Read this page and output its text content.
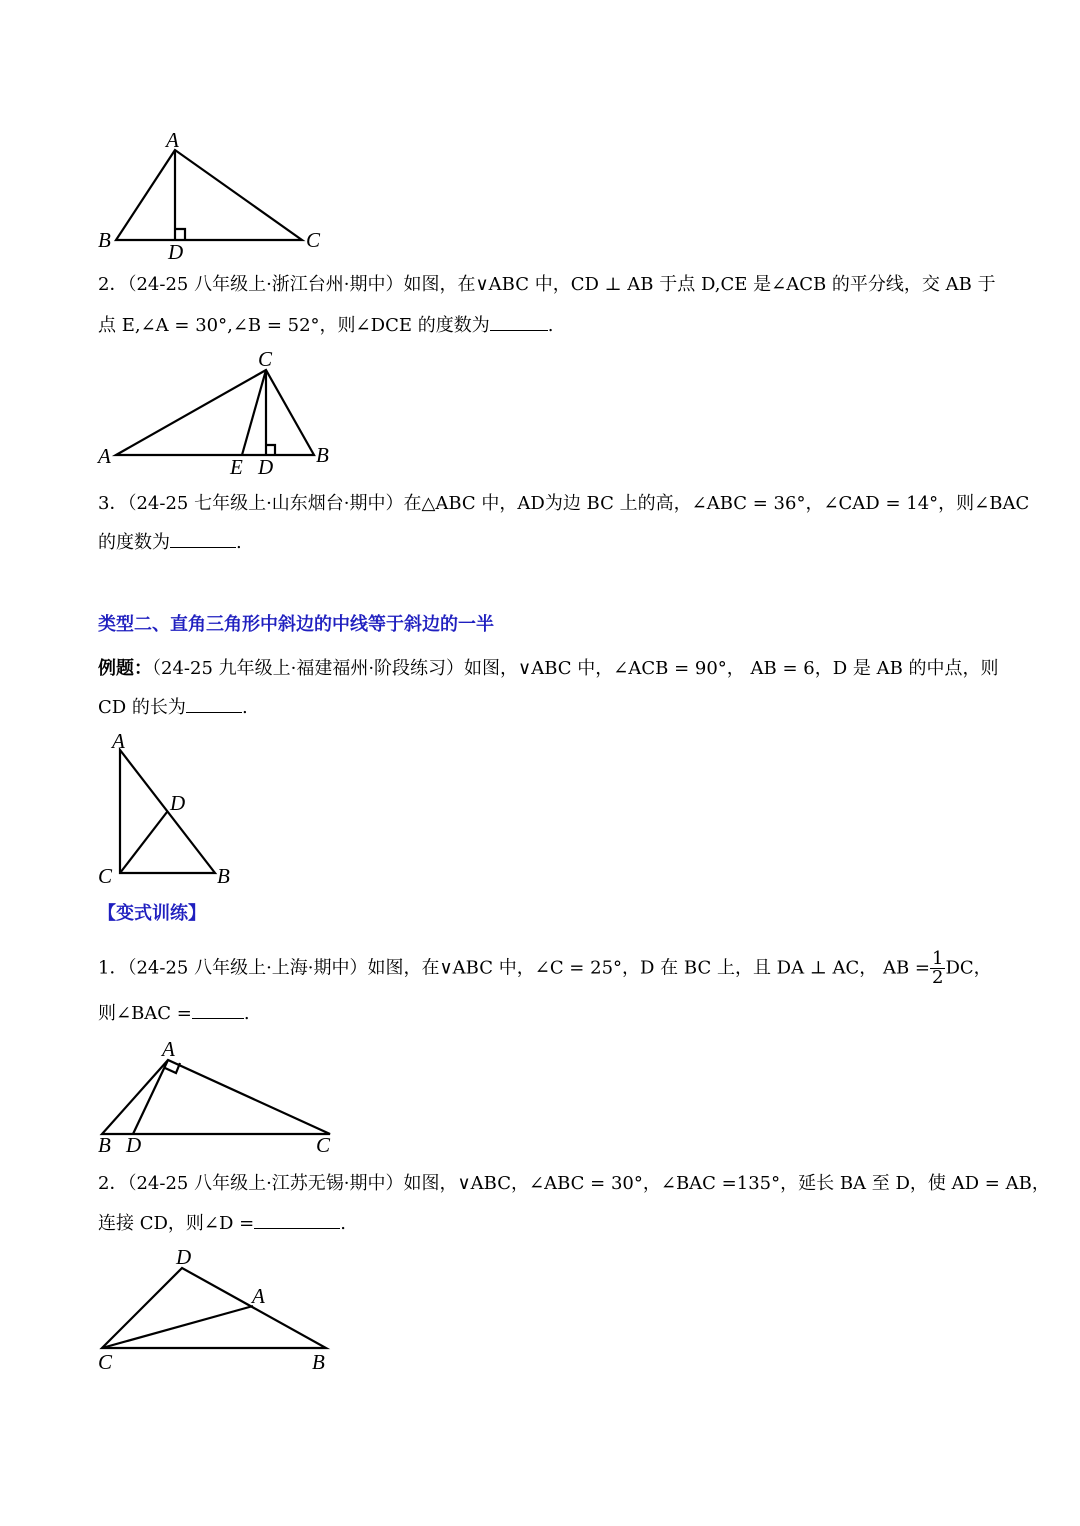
A
B	C
D
2．（24-25 八年级上·浙江台州·期中）如图，在∨ABC 中，CD ⊥ AB 于点 D,CE 是∠ACB 的平分线，交 AB 于
点 E,∠A = 30°,∠B = 52°，则∠DCE 的度数为	.
C
A	E D B
3．（24-25 七年级上·山东烟台·期中）在△ABC 中，AD为边 BC 上的高，∠ABC = 36°，∠CAD = 14°，则∠BAC
的度数为	.
类型二、直角三角形中斜边的中线等于斜边的一半
例题：（24-25 九年级上·福建福州·阶段练习）如图，∨ABC 中，∠ACB = 90°， AB = 6，D 是 AB 的中点，则
CD 的长为	.
A
D
C	B
【变式训练】
1．（24-25 八年级上·上海·期中）如图，在∨ABC 中，∠C = 25°，D 在 BC 上，且 DA ⊥ AC， AB = $\frac{1}{2}$ DC，
则∠BAC =	.
A
B D	C
2．（24-25 八年级上·江苏无锡·期中）如图，∨ABC，∠ABC = 30°，∠BAC =135°，延长 BA 至 D，使 AD = AB，
连接 CD，则∠D =	.
D
A
C	B
